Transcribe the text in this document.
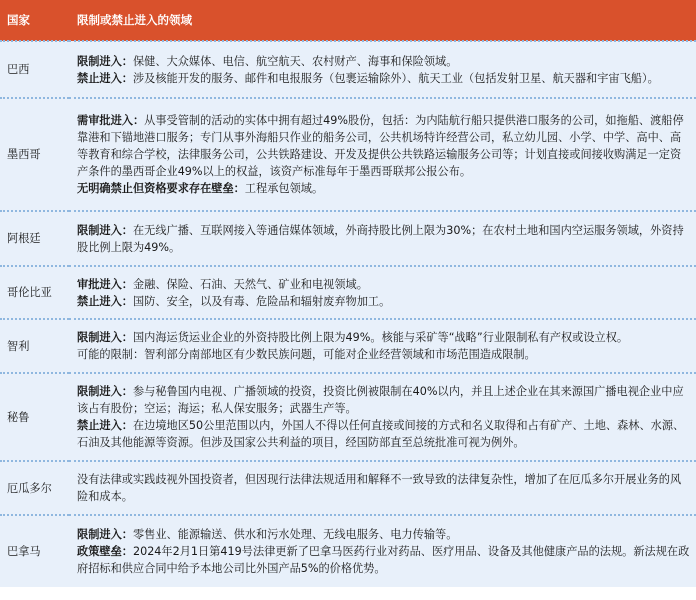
国家	限制或禁止进入的领域
巴西	限制进入：保健、大众媒体、电信、航空航天、农村财产、海事和保险领域。
禁止进入：涉及核能开发的服务、邮件和电报服务（包裹运输除外）、航天工业（包括发射卫星、航天器和宇宙飞船）。

墨西哥	需审批进入：从事受管制的活动的实体中拥有超过49%股份，包括：为内陆航行船只提供港口服务的公司，如拖船、渡船停靠港和下锚地港口服务；专门从事外海船只作业的船务公司，公共机场特许经营公司，私立幼儿园、小学、中学、高中、高等教育和综合学校，法律服务公司，公共铁路建设、开发及提供公共铁路运输服务公司等；计划直接或间接收购满足一定资产条件的墨西哥企业49%以上的权益，该资产标准每年于墨西哥联邦公报公布。
无明确禁止但资格要求存在壁垒：工程承包领域。

阿根廷	限制进入：在无线广播、互联网接入等通信媒体领域，外商持股比例上限为30%；在农村土地和国内空运服务领域，外资持股比例上限为49%。

哥伦比亚	审批进入：金融、保险、石油、天然气、矿业和电视领域。
禁止进入：国防、安全，以及有毒、危险品和辐射废弃物加工。

智利	限制进入：国内海运货运业企业的外资持股比例上限为49%。核能与采矿等“战略”行业限制私有产权或设立权。
可能的限制：智利部分南部地区有少数民族问题，可能对企业经营领域和市场范围造成限制。

秘鲁	限制进入：参与秘鲁国内电视、广播领域的投资，投资比例被限制在40%以内，并且上述企业在其来源国广播电视企业中应该占有股份；空运；海运；私人保安服务；武器生产等。
禁止进入：在边境地区50公里范围以内，外国人不得以任何直接或间接的方式和名义取得和占有矿产、土地、森林、水源、石油及其他能源等资源。但涉及国家公共利益的项目，经国防部直至总统批准可视为例外。

厄瓜多尔	没有法律或实践歧视外国投资者，但因现行法律法规适用和解释不一致导致的法律复杂性，增加了在厄瓜多尔开展业务的风险和成本。

巴拿马	限制进入：零售业、能源输送、供水和污水处理、无线电服务、电力传输等。
政策壁垒：2024年2月1日第419号法律更新了巴拿马医药行业对药品、医疗用品、设备及其他健康产品的法规。新法规在政府招标和供应合同中给予本地公司比外国产品5%的价格优势。
